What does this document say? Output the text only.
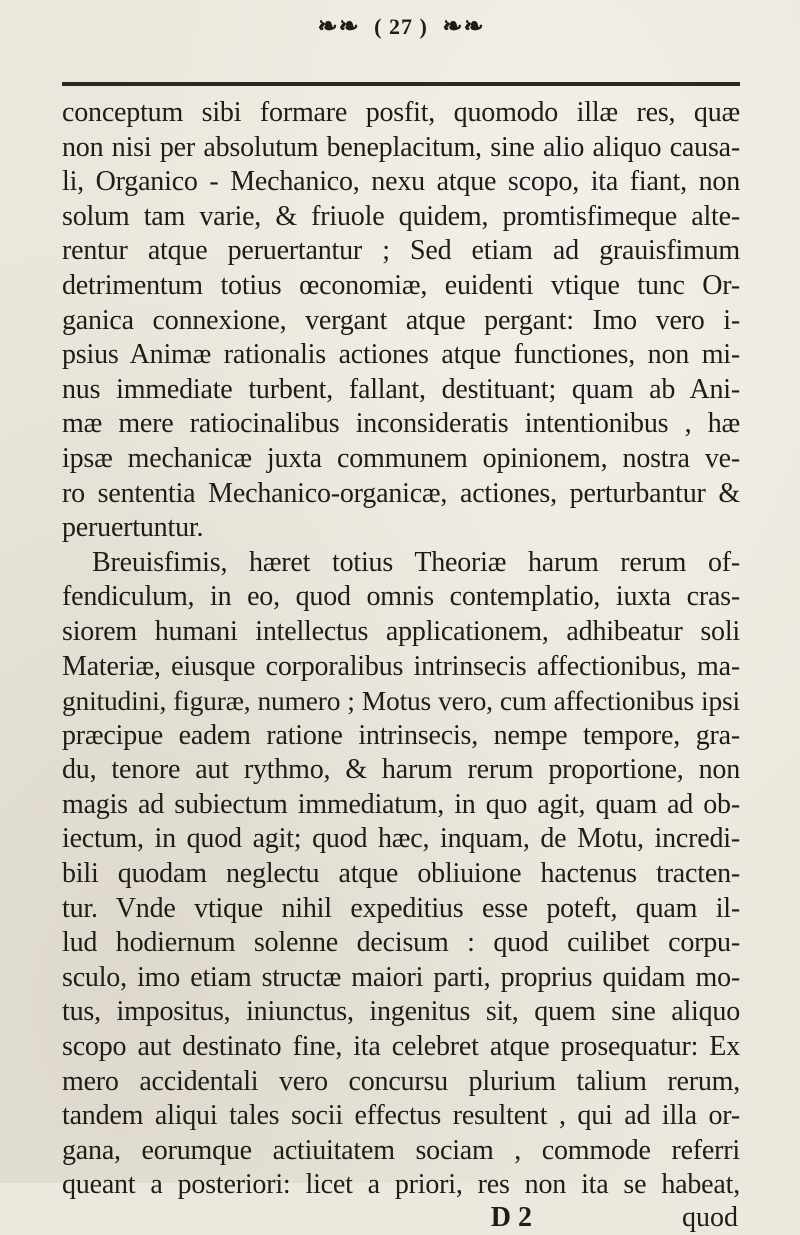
❧❧ ( 27 ) ❧❧
conceptum sibi formare posfit, quomodo illæ res, quæ
non nisi per absolutum beneplacitum, sine alio aliquo causa-
li, Organico - Mechanico, nexu atque scopo, ita fiant, non
solum tam varie, & friuole quidem, promtisfimeque alte-
rentur atque peruertantur ; Sed etiam ad grauisfimum
detrimentum totius œconomiæ, euidenti vtique tunc Or-
ganica connexione, vergant atque pergant: Imo vero i-
psius Animæ rationalis actiones atque functiones, non mi-
nus immediate turbent, fallant, destituant; quam ab Ani-
mæ mere ratiocinalibus inconsideratis intentionibus , hæ
ipsæ mechanicæ juxta communem opinionem, nostra ve-
ro sententia Mechanico-organicæ, actiones, perturbantur &
peruertuntur.
Breuisfimis, hæret totius Theoriæ harum rerum of-
fendiculum, in eo, quod omnis contemplatio, iuxta cras-
siorem humani intellectus applicationem, adhibeatur soli
Materiæ, eiusque corporalibus intrinsecis affectionibus, ma-
gnitudini, figuræ, numero ; Motus vero, cum affectionibus ipsi
præcipue eadem ratione intrinsecis, nempe tempore, gra-
du, tenore aut rythmo, & harum rerum proportione, non
magis ad subiectum immediatum, in quo agit, quam ad ob-
iectum, in quod agit; quod hæc, inquam, de Motu, incredi-
bili quodam neglectu atque obliuione hactenus tracten-
tur. Vnde vtique nihil expeditius esse poteft, quam il-
lud hodiernum solenne decisum : quod cuilibet corpu-
sculo, imo etiam structæ maiori parti, proprius quidam mo-
tus, impositus, iniunctus, ingenitus sit, quem sine aliquo
scopo aut destinato fine, ita celebret atque prosequatur: Ex
mero accidentali vero concursu plurium talium rerum,
tandem aliqui tales socii effectus resultent , qui ad illa or-
gana, eorumque actiuitatem sociam , commode referri
queant a posteriori: licet a priori, res non ita se habeat,
D 2	quod
